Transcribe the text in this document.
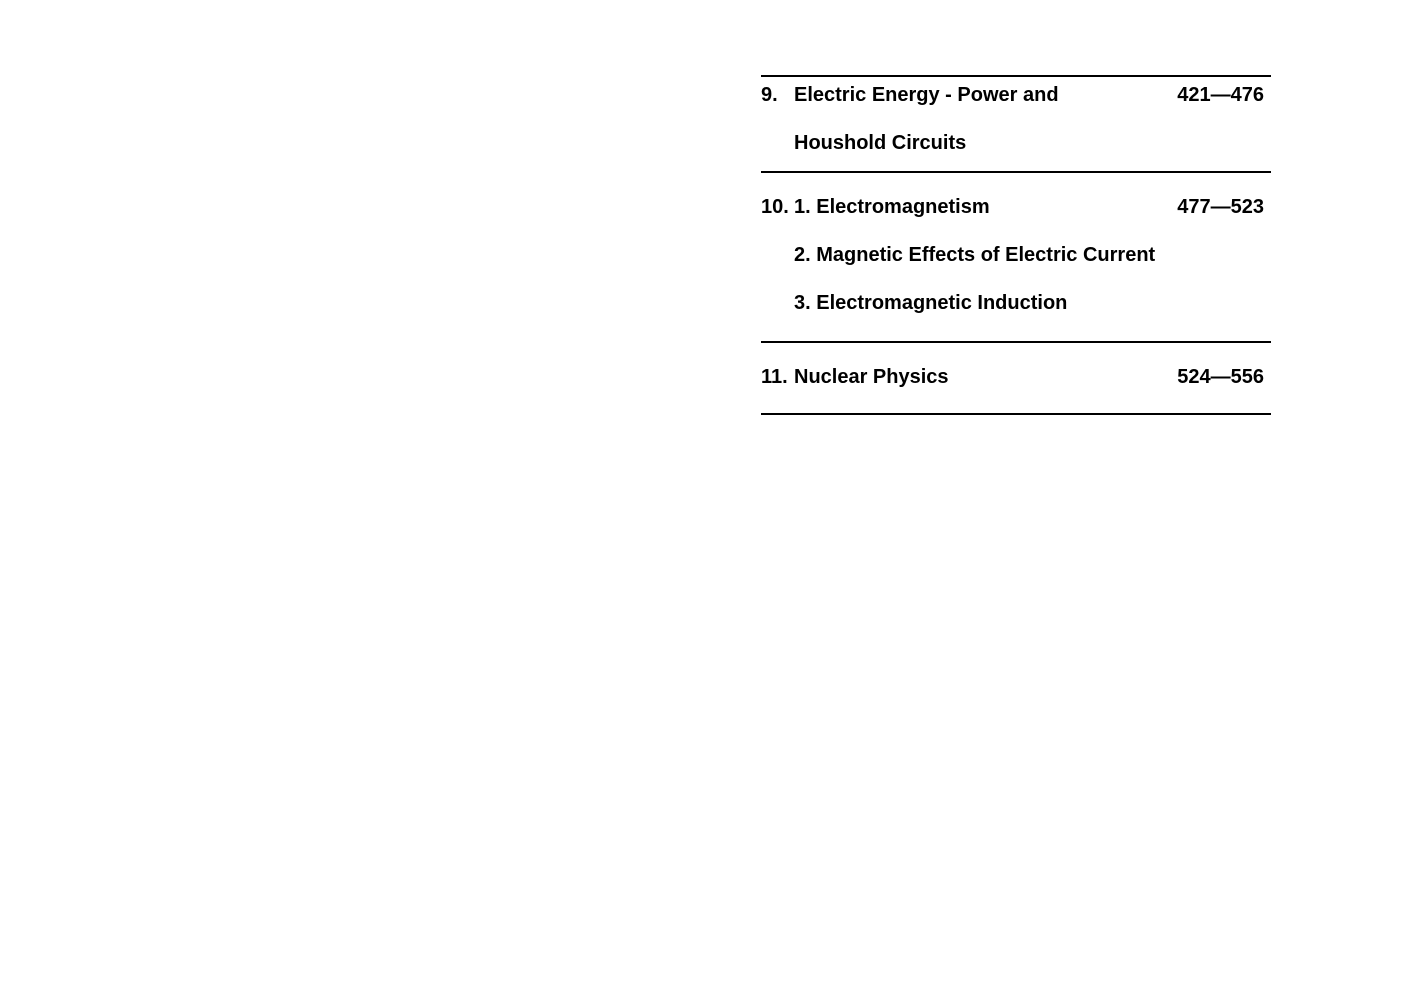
9. Electric Energy - Power and	421—476
Houshold Circuits
10. 1. Electromagnetism	477—523
2. Magnetic Effects of Electric Current
3. Electromagnetic Induction
11. Nuclear Physics	524—556
